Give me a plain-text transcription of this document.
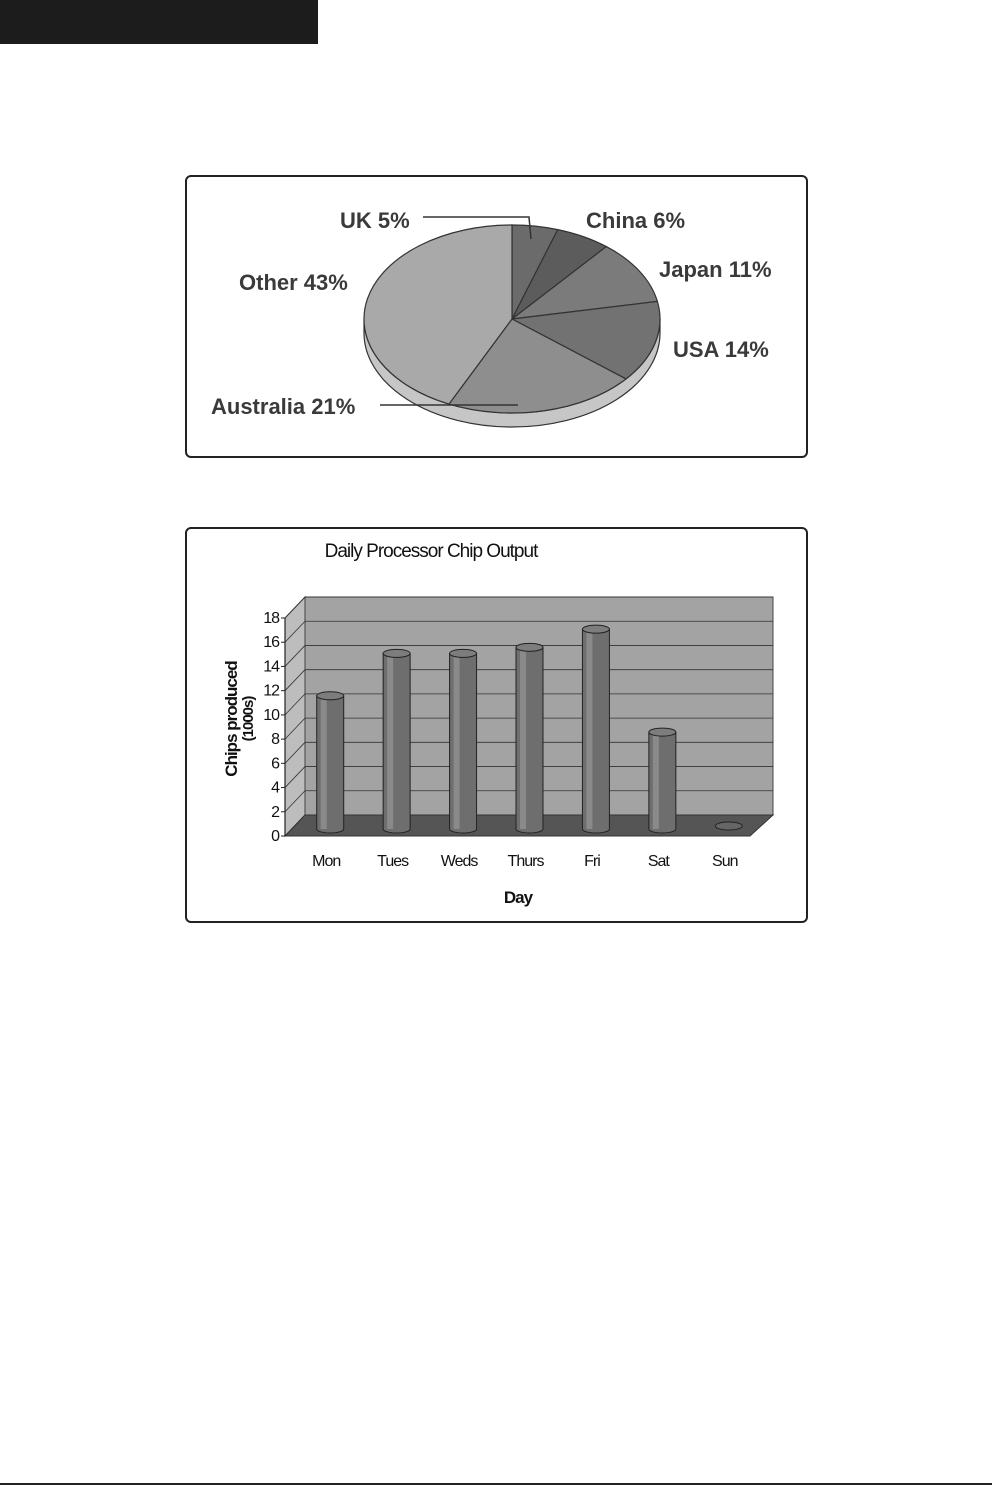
UK 5%	China 6%
Japan 11%
USA 14%
Australia 21%
Other 43%
Daily Processor Chip Output
0
2
4
6
8
10
12
14
16
18
Mon Tues Weds Thurs	Fri	Sat	Sun
Day
Chips produced (1000s)
